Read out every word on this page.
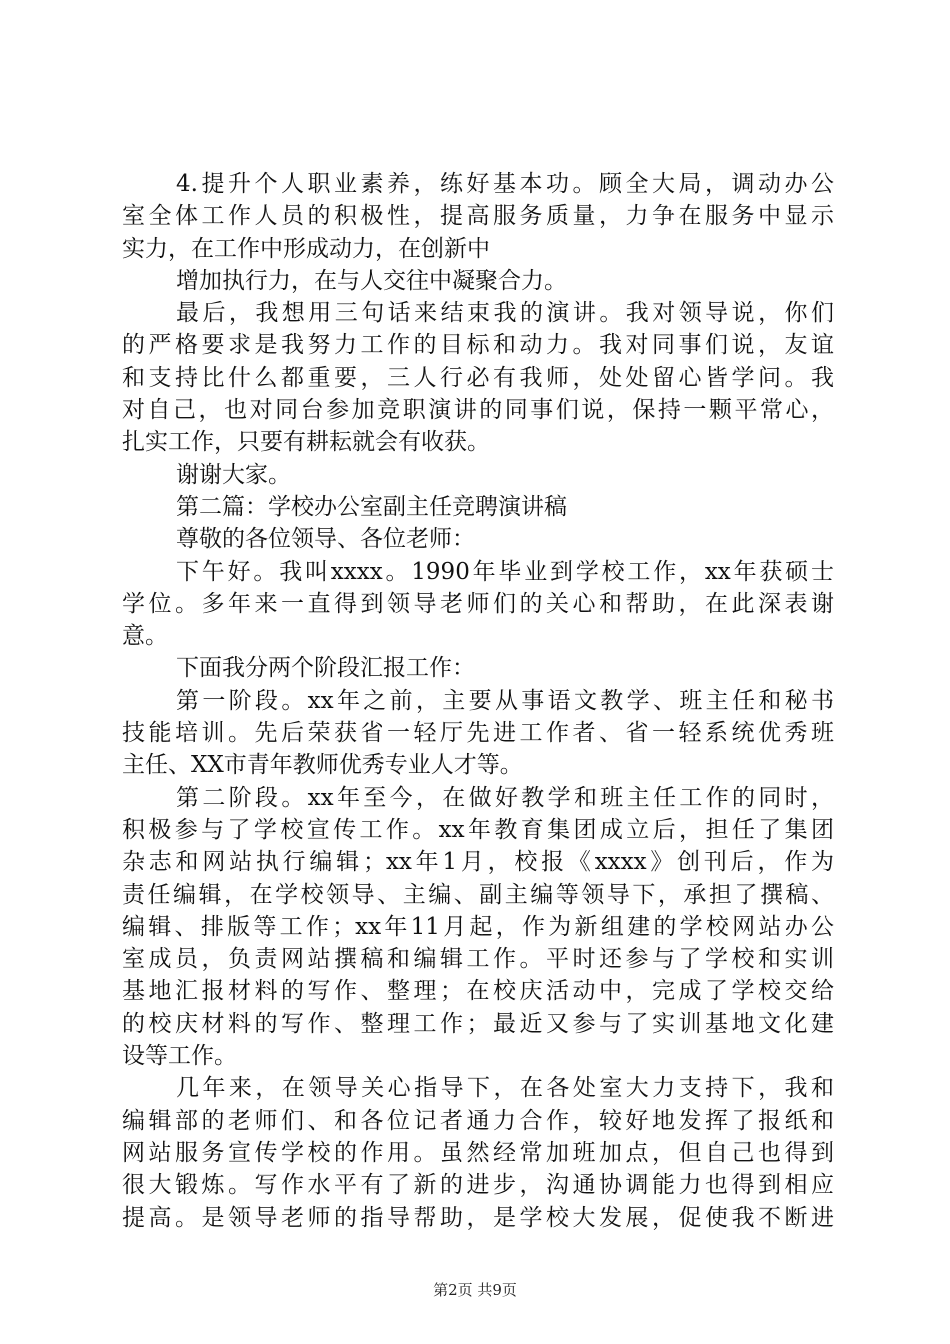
4.提升个人职业素养，练好基本功。顾全大局，调动办公
室全体工作人员的积极性，提高服务质量，力争在服务中显示
实力，在工作中形成动力，在创新中
增加执行力，在与人交往中凝聚合力。
最后，我想用三句话来结束我的演讲。我对领导说，你们
的严格要求是我努力工作的目标和动力。我对同事们说，友谊
和支持比什么都重要，三人行必有我师，处处留心皆学问。我
对自己，也对同台参加竞职演讲的同事们说，保持一颗平常心，
扎实工作，只要有耕耘就会有收获。
谢谢大家。
第二篇：学校办公室副主任竞聘演讲稿
尊敬的各位领导、各位老师：
下午好。我叫xxxx。1990年毕业到学校工作，xx年获硕士
学位。多年来一直得到领导老师们的关心和帮助，在此深表谢
意。
下面我分两个阶段汇报工作：
第一阶段。xx年之前，主要从事语文教学、班主任和秘书
技能培训。先后荣获省一轻厅先进工作者、省一轻系统优秀班
主任、XX市青年教师优秀专业人才等。
第二阶段。xx年至今，在做好教学和班主任工作的同时，
积极参与了学校宣传工作。xx年教育集团成立后，担任了集团
杂志和网站执行编辑；xx年1月，校报《xxxx》创刊后，作为
责任编辑，在学校领导、主编、副主编等领导下，承担了撰稿、
编辑、排版等工作；xx年11月起，作为新组建的学校网站办公
室成员，负责网站撰稿和编辑工作。平时还参与了学校和实训
基地汇报材料的写作、整理；在校庆活动中，完成了学校交给
的校庆材料的写作、整理工作；最近又参与了实训基地文化建
设等工作。
几年来，在领导关心指导下，在各处室大力支持下，我和
编辑部的老师们、和各位记者通力合作，较好地发挥了报纸和
网站服务宣传学校的作用。虽然经常加班加点，但自己也得到
很大锻炼。写作水平有了新的进步，沟通协调能力也得到相应
提高。是领导老师的指导帮助，是学校大发展，促使我不断进
第2页 共9页
